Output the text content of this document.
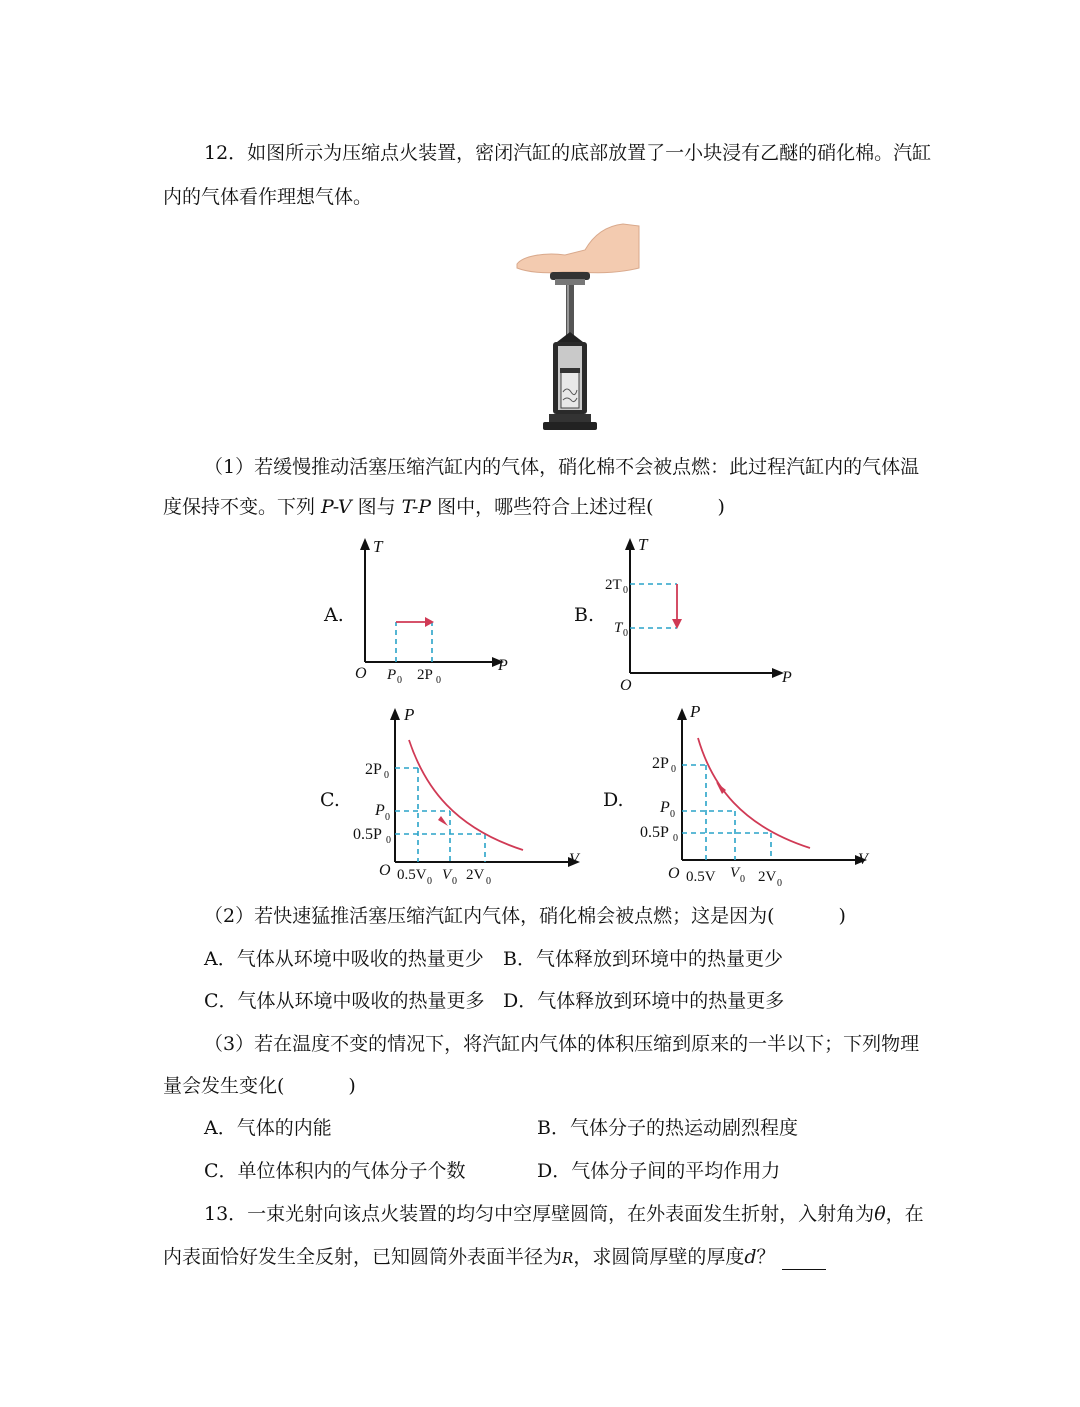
12．如图所示为压缩点火装置，密闭汽缸的底部放置了一小块浸有乙醚的硝化棉。汽缸
内的气体看作理想气体。
（1）若缓慢推动活塞压缩汽缸内的气体，硝化棉不会被点燃：此过程汽缸内的气体温
度保持不变。下列 P-V 图与 T-P 图中，哪些符合上述过程(	)
A.
T
P
O P 0 2P 0
B.
T
P
O
2T 0
T 0
C.
P
V
O
2P 0
P 0
0.5P 0
0.5V 0 V 0 2V 0
D.
P
V
O
2P 0
P 0
0.5P 0
0.5V V 0 2V 0
（2）若快速猛推活塞压缩汽缸内气体，硝化棉会被点燃；这是因为(	)
A．气体从环境中吸收的热量更少 B．气体释放到环境中的热量更少
C．气体从环境中吸收的热量更多 D．气体释放到环境中的热量更多
（3）若在温度不变的情况下，将汽缸内气体的体积压缩到原来的一半以下；下列物理
量会发生变化(	)
A．气体的内能	B．气体分子的热运动剧烈程度
C．单位体积内的气体分子个数	D．气体分子间的平均作用力
13．一束光射向该点火装置的均匀中空厚壁圆筒，在外表面发生折射，入射角为θ，在
内表面恰好发生全反射，已知圆筒外表面半径为R，求圆筒厚壁的厚度d？
